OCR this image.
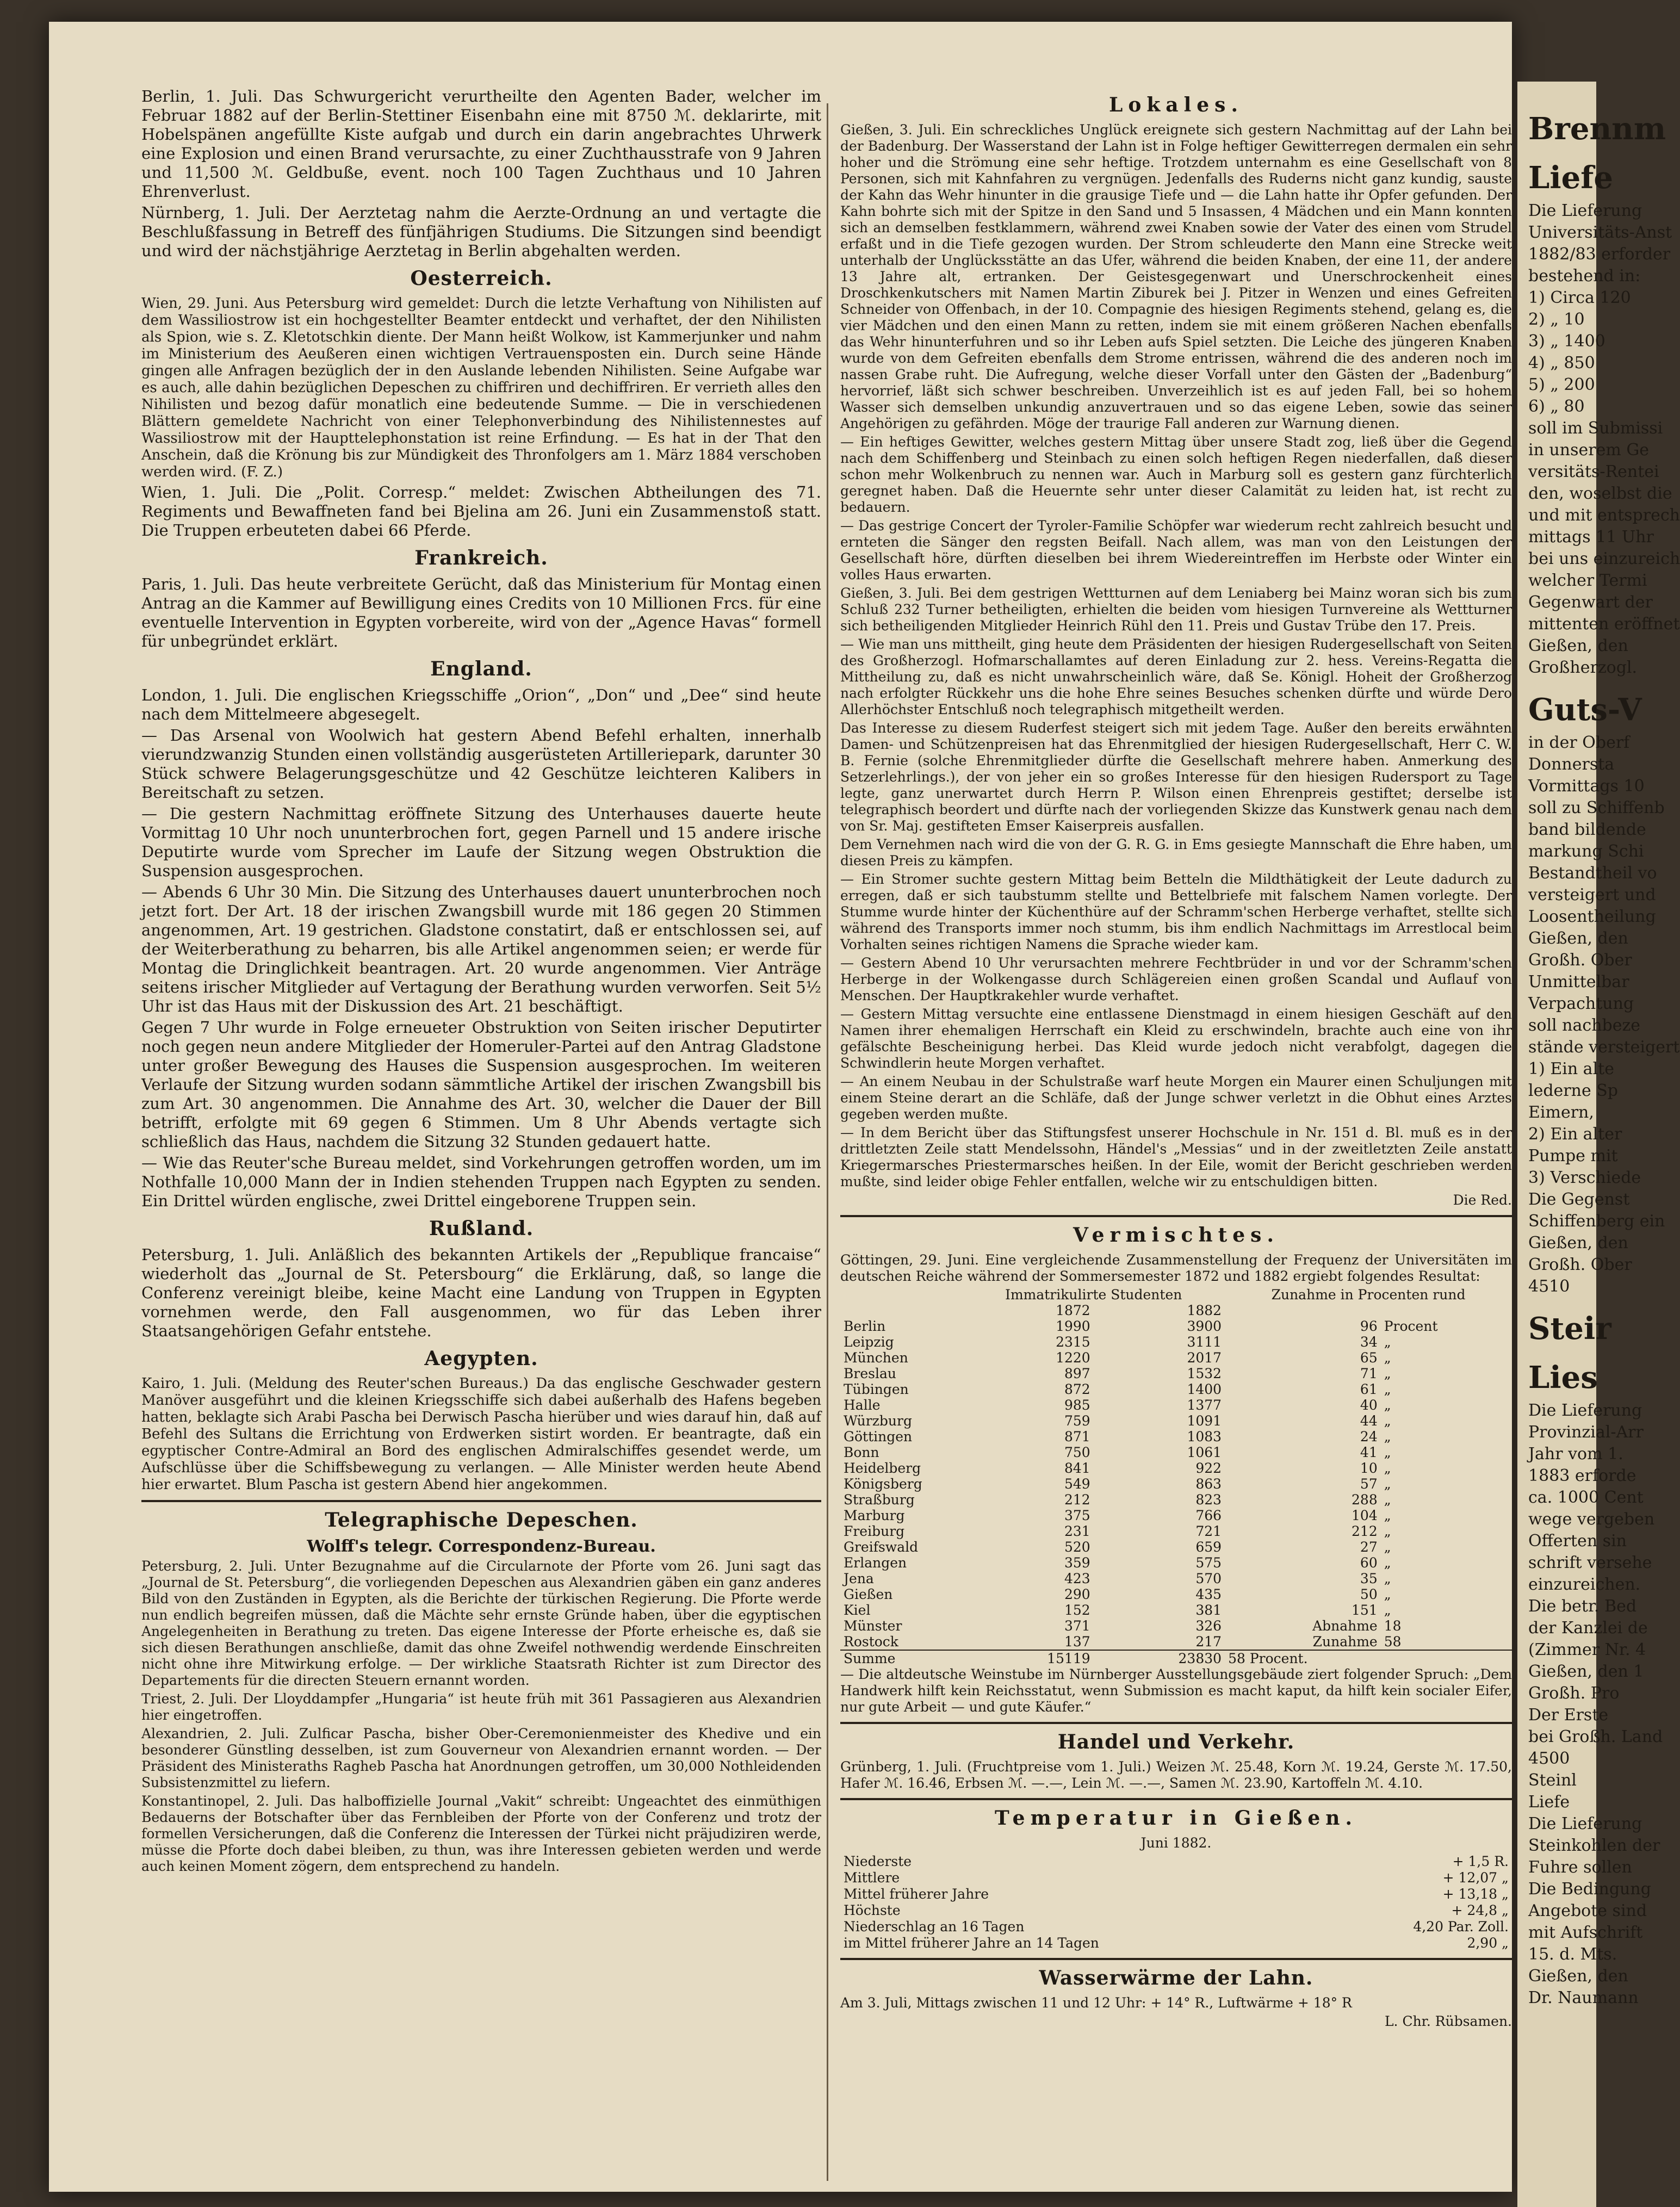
Berlin, 1. Juli. Das Schwurgericht verurtheilte den Agenten Bader, welcher im Februar 1882 auf der Berlin-Stettiner Eisenbahn eine mit 8750 ℳ. deklarirte, mit Hobelspänen angefüllte Kiste aufgab und durch ein darin angebrachtes Uhrwerk eine Explosion und einen Brand verursachte, zu einer Zuchthausstrafe von 9 Jahren und 11,500 ℳ. Geldbuße, event. noch 100 Tagen Zuchthaus und 10 Jahren Ehrenverlust.

Nürnberg, 1. Juli. Der Aerztetag nahm die Aerzte-Ordnung an und vertagte die Beschlußfassung in Betreff des fünfjährigen Studiums. Die Sitzungen sind beendigt und wird der nächstjährige Aerztetag in Berlin abgehalten werden.

Oesterreich.

Wien, 29. Juni. Aus Petersburg wird gemeldet: Durch die letzte Verhaftung von Nihilisten auf dem Wassiliostrow ist ein hochgestellter Beamter entdeckt und verhaftet, der den Nihilisten als Spion, wie s. Z. Kletotschkin diente. Der Mann heißt Wolkow, ist Kammerjunker und nahm im Ministerium des Aeußeren einen wichtigen Vertrauensposten ein. Durch seine Hände gingen alle Anfragen bezüglich der in den Auslande lebenden Nihilisten. Seine Aufgabe war es auch, alle dahin bezüglichen Depeschen zu chiffriren und dechiffriren. Er verrieth alles den Nihilisten und bezog dafür monatlich eine bedeutende Summe. — Die in verschiedenen Blättern gemeldete Nachricht von einer Telephonverbindung des Nihilistennestes auf Wassiliostrow mit der Haupttelephonstation ist reine Erfindung. — Es hat in der That den Anschein, daß die Krönung bis zur Mündigkeit des Thronfolgers am 1. März 1884 verschoben werden wird. (F. Z.)

Wien, 1. Juli. Die „Polit. Corresp.“ meldet: Zwischen Abtheilungen des 71. Regiments und Bewaffneten fand bei Bjelina am 26. Juni ein Zusammenstoß statt. Die Truppen erbeuteten dabei 66 Pferde.

Frankreich.

Paris, 1. Juli. Das heute verbreitete Gerücht, daß das Ministerium für Montag einen Antrag an die Kammer auf Bewilligung eines Credits von 10 Millionen Frcs. für eine eventuelle Intervention in Egypten vorbereite, wird von der „Agence Havas“ formell für unbegründet erklärt.

England.

London, 1. Juli. Die englischen Kriegsschiffe „Orion“, „Don“ und „Dee“ sind heute nach dem Mittelmeere abgesegelt.

— Das Arsenal von Woolwich hat gestern Abend Befehl erhalten, innerhalb vierundzwanzig Stunden einen vollständig ausgerüsteten Artilleriepark, darunter 30 Stück schwere Belagerungsgeschütze und 42 Geschütze leichteren Kalibers in Bereitschaft zu setzen.

— Die gestern Nachmittag eröffnete Sitzung des Unterhauses dauerte heute Vormittag 10 Uhr noch ununterbrochen fort, gegen Parnell und 15 andere irische Deputirte wurde vom Sprecher im Laufe der Sitzung wegen Obstruktion die Suspension ausgesprochen.

— Abends 6 Uhr 30 Min. Die Sitzung des Unterhauses dauert ununterbrochen noch jetzt fort. Der Art. 18 der irischen Zwangsbill wurde mit 186 gegen 20 Stimmen angenommen, Art. 19 gestrichen. Gladstone constatirt, daß er entschlossen sei, auf der Weiterberathung zu beharren, bis alle Artikel angenommen seien; er werde für Montag die Dringlichkeit beantragen. Art. 20 wurde angenommen. Vier Anträge seitens irischer Mitglieder auf Vertagung der Berathung wurden verworfen. Seit 5½ Uhr ist das Haus mit der Diskussion des Art. 21 beschäftigt.

Gegen 7 Uhr wurde in Folge erneueter Obstruktion von Seiten irischer Deputirter noch gegen neun andere Mitglieder der Homeruler-Partei auf den Antrag Gladstone unter großer Bewegung des Hauses die Suspension ausgesprochen. Im weiteren Verlaufe der Sitzung wurden sodann sämmtliche Artikel der irischen Zwangsbill bis zum Art. 30 angenommen. Die Annahme des Art. 30, welcher die Dauer der Bill betrifft, erfolgte mit 69 gegen 6 Stimmen. Um 8 Uhr Abends vertagte sich schließlich das Haus, nachdem die Sitzung 32 Stunden gedauert hatte.

— Wie das Reuter'sche Bureau meldet, sind Vorkehrungen getroffen worden, um im Nothfalle 10,000 Mann der in Indien stehenden Truppen nach Egypten zu senden. Ein Drittel würden englische, zwei Drittel eingeborene Truppen sein.

Rußland.

Petersburg, 1. Juli. Anläßlich des bekannten Artikels der „Republique francaise“ wiederholt das „Journal de St. Petersbourg“ die Erklärung, daß, so lange die Conferenz vereinigt bleibe, keine Macht eine Landung von Truppen in Egypten vornehmen werde, den Fall ausgenommen, wo für das Leben ihrer Staatsangehörigen Gefahr entstehe.

Aegypten.

Kairo, 1. Juli. (Meldung des Reuter'schen Bureaus.) Da das englische Geschwader gestern Manöver ausgeführt und die kleinen Kriegsschiffe sich dabei außerhalb des Hafens begeben hatten, beklagte sich Arabi Pascha bei Derwisch Pascha hierüber und wies darauf hin, daß auf Befehl des Sultans die Errichtung von Erdwerken sistirt worden. Er beantragte, daß ein egyptischer Contre-Admiral an Bord des englischen Admiralschiffes gesendet werde, um Aufschlüsse über die Schiffsbewegung zu verlangen. — Alle Minister werden heute Abend hier erwartet. Blum Pascha ist gestern Abend hier angekommen.

Telegraphische Depeschen.
Wolff's telegr. Correspondenz-Bureau.

Petersburg, 2. Juli. Unter Bezugnahme auf die Circularnote der Pforte vom 26. Juni sagt das „Journal de St. Petersburg“, die vorliegenden Depeschen aus Alexandrien gäben ein ganz anderes Bild von den Zuständen in Egypten, als die Berichte der türkischen Regierung. Die Pforte werde nun endlich begreifen müssen, daß die Mächte sehr ernste Gründe haben, über die egyptischen Angelegenheiten in Berathung zu treten. Das eigene Interesse der Pforte erheische es, daß sie sich diesen Berathungen anschließe, damit das ohne Zweifel nothwendig werdende Einschreiten nicht ohne ihre Mitwirkung erfolge. — Der wirkliche Staatsrath Richter ist zum Director des Departements für die directen Steuern ernannt worden.

Triest, 2. Juli. Der Lloyddampfer „Hungaria“ ist heute früh mit 361 Passagieren aus Alexandrien hier eingetroffen.

Alexandrien, 2. Juli. Zulficar Pascha, bisher Ober-Ceremonienmeister des Khedive und ein besonderer Günstling desselben, ist zum Gouverneur von Alexandrien ernannt worden. — Der Präsident des Ministeraths Ragheb Pascha hat Anordnungen getroffen, um 30,000 Nothleidenden Subsistenzmittel zu liefern.

Konstantinopel, 2. Juli. Das halboffizielle Journal „Vakit“ schreibt: Ungeachtet des einmüthigen Bedauerns der Botschafter über das Fernbleiben der Pforte von der Conferenz und trotz der formellen Versicherungen, daß die Conferenz die Interessen der Türkei nicht präjudiziren werde, müsse die Pforte doch dabei bleiben, zu thun, was ihre Interessen gebieten werden und werde auch keinen Moment zögern, dem entsprechend zu handeln.

Lokales.

Gießen, 3. Juli. Ein schreckliches Unglück ereignete sich gestern Nachmittag auf der Lahn bei der Badenburg. Der Wasserstand der Lahn ist in Folge heftiger Gewitterregen dermalen ein sehr hoher und die Strömung eine sehr heftige. Trotzdem unternahm es eine Gesellschaft von 8 Personen, sich mit Kahnfahren zu vergnügen. Jedenfalls des Ruderns nicht ganz kundig, sauste der Kahn das Wehr hinunter in die grausige Tiefe und — die Lahn hatte ihr Opfer gefunden. Der Kahn bohrte sich mit der Spitze in den Sand und 5 Insassen, 4 Mädchen und ein Mann konnten sich an demselben festklammern, während zwei Knaben sowie der Vater des einen vom Strudel erfaßt und in die Tiefe gezogen wurden. Der Strom schleuderte den Mann eine Strecke weit unterhalb der Unglücksstätte an das Ufer, während die beiden Knaben, der eine 11, der andere 13 Jahre alt, ertranken. Der Geistesgegenwart und Unerschrockenheit eines Droschkenkutschers mit Namen Martin Ziburek bei J. Pitzer in Wenzen und eines Gefreiten Schneider von Offenbach, in der 10. Compagnie des hiesigen Regiments stehend, gelang es, die vier Mädchen und den einen Mann zu retten, indem sie mit einem größeren Nachen ebenfalls das Wehr hinunterfuhren und so ihr Leben aufs Spiel setzten. Die Leiche des jüngeren Knaben wurde von dem Gefreiten ebenfalls dem Strome entrissen, während die des anderen noch im nassen Grabe ruht. Die Aufregung, welche dieser Vorfall unter den Gästen der „Badenburg“ hervorrief, läßt sich schwer beschreiben. Unverzeihlich ist es auf jeden Fall, bei so hohem Wasser sich demselben unkundig anzuvertrauen und so das eigene Leben, sowie das seiner Angehörigen zu gefährden. Möge der traurige Fall anderen zur Warnung dienen.

— Ein heftiges Gewitter, welches gestern Mittag über unsere Stadt zog, ließ über die Gegend nach dem Schiffenberg und Steinbach zu einen solch heftigen Regen niederfallen, daß dieser schon mehr Wolkenbruch zu nennen war. Auch in Marburg soll es gestern ganz fürchterlich geregnet haben. Daß die Heuernte sehr unter dieser Calamität zu leiden hat, ist recht zu bedauern.

— Das gestrige Concert der Tyroler-Familie Schöpfer war wiederum recht zahlreich besucht und ernteten die Sänger den regsten Beifall. Nach allem, was man von den Leistungen der Gesellschaft höre, dürften dieselben bei ihrem Wiedereintreffen im Herbste oder Winter ein volles Haus erwarten.

Gießen, 3. Juli. Bei dem gestrigen Wettturnen auf dem Leniaberg bei Mainz woran sich bis zum Schluß 232 Turner betheiligten, erhielten die beiden vom hiesigen Turnvereine als Wettturner sich betheiligenden Mitglieder Heinrich Rühl den 11. Preis und Gustav Trübe den 17. Preis.

— Wie man uns mittheilt, ging heute dem Präsidenten der hiesigen Rudergesellschaft von Seiten des Großherzogl. Hofmarschallamtes auf deren Einladung zur 2. hess. Vereins-Regatta die Mittheilung zu, daß es nicht unwahrscheinlich wäre, daß Se. Königl. Hoheit der Großherzog nach erfolgter Rückkehr uns die hohe Ehre seines Besuches schenken dürfte und würde Dero Allerhöchster Entschluß noch telegraphisch mitgetheilt werden.

Das Interesse zu diesem Ruderfest steigert sich mit jedem Tage. Außer den bereits erwähnten Damen- und Schützenpreisen hat das Ehrenmitglied der hiesigen Rudergesellschaft, Herr C. W. B. Fernie (solche Ehrenmitglieder dürfte die Gesellschaft mehrere haben. Anmerkung des Setzerlehrlings.), der von jeher ein so großes Interesse für den hiesigen Rudersport zu Tage legte, ganz unerwartet durch Herrn P. Wilson einen Ehrenpreis gestiftet; derselbe ist telegraphisch beordert und dürfte nach der vorliegenden Skizze das Kunstwerk genau nach dem von Sr. Maj. gestifteten Emser Kaiserpreis ausfallen.

Dem Vernehmen nach wird die von der G. R. G. in Ems gesiegte Mannschaft die Ehre haben, um diesen Preis zu kämpfen.

— Ein Stromer suchte gestern Mittag beim Betteln die Mildthätigkeit der Leute dadurch zu erregen, daß er sich taubstumm stellte und Bettelbriefe mit falschem Namen vorlegte. Der Stumme wurde hinter der Küchenthüre auf der Schramm'schen Herberge verhaftet, stellte sich während des Transports immer noch stumm, bis ihm endlich Nachmittags im Arrestlocal beim Vorhalten seines richtigen Namens die Sprache wieder kam.

— Gestern Abend 10 Uhr verursachten mehrere Fechtbrüder in und vor der Schramm'schen Herberge in der Wolkengasse durch Schlägereien einen großen Scandal und Auflauf von Menschen. Der Hauptkrakehler wurde verhaftet.

— Gestern Mittag versuchte eine entlassene Dienstmagd in einem hiesigen Geschäft auf den Namen ihrer ehemaligen Herrschaft ein Kleid zu erschwindeln, brachte auch eine von ihr gefälschte Bescheinigung herbei. Das Kleid wurde jedoch nicht verabfolgt, dagegen die Schwindlerin heute Morgen verhaftet.

— An einem Neubau in der Schulstraße warf heute Morgen ein Maurer einen Schuljungen mit einem Steine derart an die Schläfe, daß der Junge schwer verletzt in die Obhut eines Arztes gegeben werden mußte.

— In dem Bericht über das Stiftungsfest unserer Hochschule in Nr. 151 d. Bl. muß es in der drittletzten Zeile statt Mendelssohn, Händel's „Messias“ und in der zweitletzten Zeile anstatt Kriegermarsches Priestermarsches heißen. In der Eile, womit der Bericht geschrieben werden mußte, sind leider obige Fehler entfallen, welche wir zu entschuldigen bitten.

Die Red.

Vermischtes.

Göttingen, 29. Juni. Eine vergleichende Zusammenstellung der Frequenz der Universitäten im deutschen Reiche während der Sommersemester 1872 und 1882 ergiebt folgendes Resultat:

	Immatrikulirte Studenten		Zunahme in Procenten rund	
	1872	1882		
Berlin	1990	3900	96	Procent
Leipzig	2315	3111	34	„
München	1220	2017	65	„
Breslau	897	1532	71	„
Tübingen	872	1400	61	„
Halle	985	1377	40	„
Würzburg	759	1091	44	„
Göttingen	871	1083	24	„
Bonn	750	1061	41	„
Heidelberg	841	922	10	„
Königsberg	549	863	57	„
Straßburg	212	823	288	„
Marburg	375	766	104	„
Freiburg	231	721	212	„
Greifswald	520	659	27	„
Erlangen	359	575	60	„
Jena	423	570	35	„
Gießen	290	435	50	„
Kiel	152	381	151	„
Münster	371	326	Abnahme	18
Rostock	137	217	Zunahme	58
Summe	15119	23830	58 Procent.	

— Die altdeutsche Weinstube im Nürnberger Ausstellungsgebäude ziert folgender Spruch: „Dem Handwerk hilft kein Reichsstatut, wenn Submission es macht kaput, da hilft kein socialer Eifer, nur gute Arbeit — und gute Käufer.“

Handel und Verkehr.

Grünberg, 1. Juli. (Fruchtpreise vom 1. Juli.) Weizen ℳ. 25.48, Korn ℳ. 19.24, Gerste ℳ. 17.50, Hafer ℳ. 16.46, Erbsen ℳ. —.—, Lein ℳ. —.—, Samen ℳ. 23.90, Kartoffeln ℳ. 4.10.

Temperatur in Gießen.

Juni 1882.

Niederste	+ 1,5 R.
Mittlere	+ 12,07 „
Mittel früherer Jahre	+ 13,18 „
Höchste	+ 24,8 „
Niederschlag an 16 Tagen	4,20 Par. Zoll.
im Mittel früherer Jahre an 14 Tagen	2,90 „
Wasserwärme der Lahn.

Am 3. Juli, Mittags zwischen 11 und 12 Uhr: + 14° R., Luftwärme + 18° R

L. Chr. Rübsamen.

Brennm

Liefe

Die Lieferung

Universitäts-Anst

1882/83 erforder

bestehend in:

1) Circa 120

2) „ 10

3) „ 1400

4) „ 850

5) „ 200

6) „ 80

soll im Submissi

in unserem Ge

versitäts-Rentei

den, woselbst die

und mit entsprech

mittags 11 Uhr

bei uns einzureich

welcher Termi

Gegenwart der

mittenten eröffnet

Gießen, den

Großherzogl.

Guts-V

in der Oberf

Donnersta

Vormittags 10

soll zu Schiffenb

band bildende

markung Schi

Bestandtheil vo

versteigert und

Loosentheilung

Gießen, den

Großh. Ober

Unmittelbar

Verpachtung

soll nachbeze

stände versteigert

1) Ein alte

lederne Sp

Eimern,

2) Ein alter

Pumpe mit

3) Verschiede

Die Gegenst

Schiffenberg ein

Gießen, den

Großh. Ober

4510

Steir

Lies

Die Lieferung

Provinzial-Arr

Jahr vom 1.

1883 erforde

ca. 1000 Cent

wege vergeben

Offerten sin

schrift versehe

einzureichen.

Die betr. Bed

der Kanzlei de

(Zimmer Nr. 4

Gießen, den 1

Großh. Pro

Der Erste

bei Großh. Land

4500

Steinl

Liefe

Die Lieferung

Steinkohlen der

Fuhre sollen

Die Bedingung

Angebote sind

mit Aufschrift

15. d. Mts.

Gießen, den

Dr. Naumann
